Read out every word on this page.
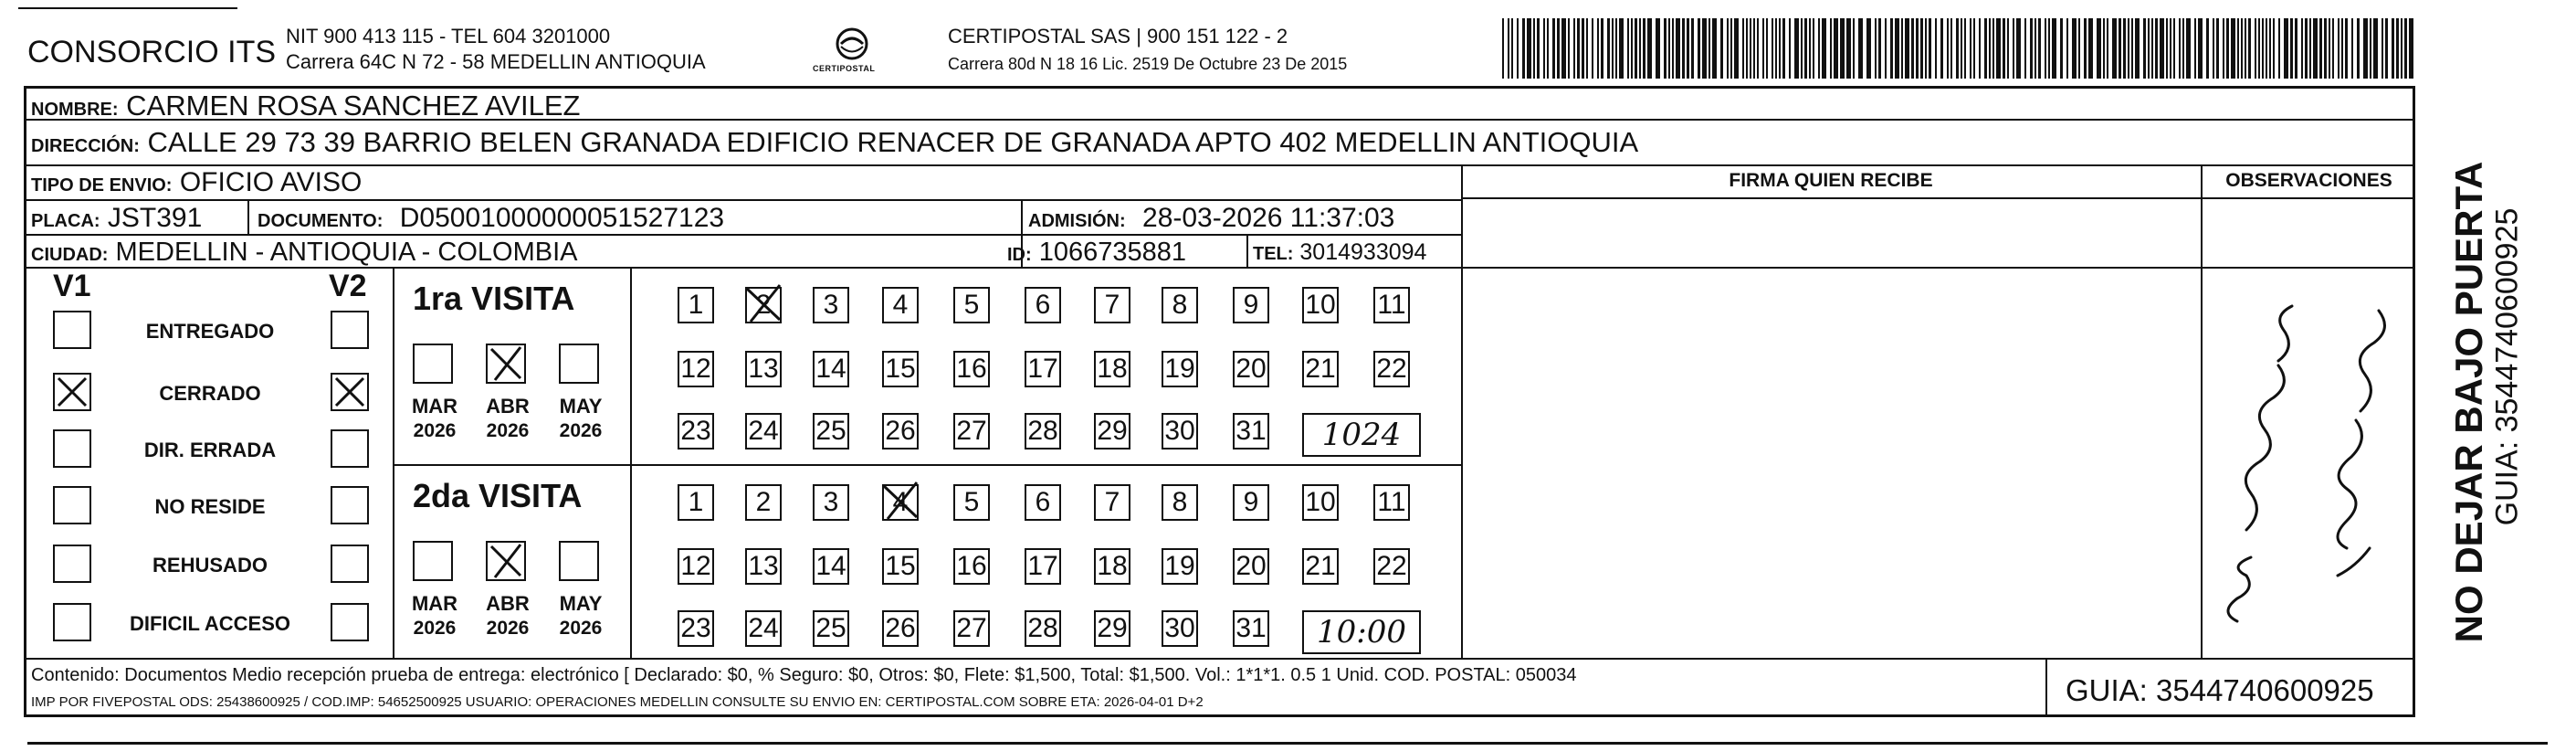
CONSORCIO ITS NIT 900 413 115 - TEL 604 3201000
Carrera 64C N 72 - 58 MEDELLIN ANTIOQUIA	CERTIPOSTAL
CERTIPOSTAL SAS | 900 151 122 - 2
Carrera 80d N 18 16 Lic. 2519 De Octubre 23 De 2015
NOMBRE: CARMEN ROSA SANCHEZ AVILEZ
DIRECCIÓN: CALLE 29 73 39 BARRIO BELEN GRANADA EDIFICIO RENACER DE GRANADA APTO 402 MEDELLIN ANTIOQUIA
TIPO DE ENVIO: OFICIO AVISO
PLACA: JST391	DOCUMENTO: D05001000000051527123	ADMISIÓN: 28-03-2026 11:37:03
CIUDAD: MEDELLIN - ANTIOQUIA - COLOMBIA	ID: 1066735881	TEL: 3014933094
FIRMA QUIEN RECIBE	OBSERVACIONES
V1	V2
ENTREGADO
CERRADO
DIR. ERRADA
NO RESIDE
REHUSADO
DIFICIL ACCESO
1ra VISITA
MAR
2026
ABR
2026
MAY
2026
1	2	3	4	5	6	7	8	9	10 11
12 13 14 15 16 17 18 19 20 21 22
23 24 25 26 27 28 29 30 31	1024
2da VISITA
MAR
2026
ABR
2026
MAY
2026
1	2	3	4	5	6	7	8	9	10 11
12 13 14 15 16 17 18 19 20 21 22
23 24 25 26 27 28 29 30 31	10:00
Contenido: Documentos Medio recepción prueba de entrega: electrónico [ Declarado: $0, % Seguro: $0, Otros: $0, Flete: $1,500, Total: $1,500. Vol.: 1*1*1. 0.5 1 Unid. COD. POSTAL: 050034
IMP POR FIVEPOSTAL ODS: 25438600925 / COD.IMP: 54652500925 USUARIO: OPERACIONES MEDELLIN CONSULTE SU ENVIO EN: CERTIPOSTAL.COM SOBRE ETA: 2026-04-01 D+2	GUIA: 3544740600925
NO DEJAR BAJO PUERTA GUIA: 3544740600925
